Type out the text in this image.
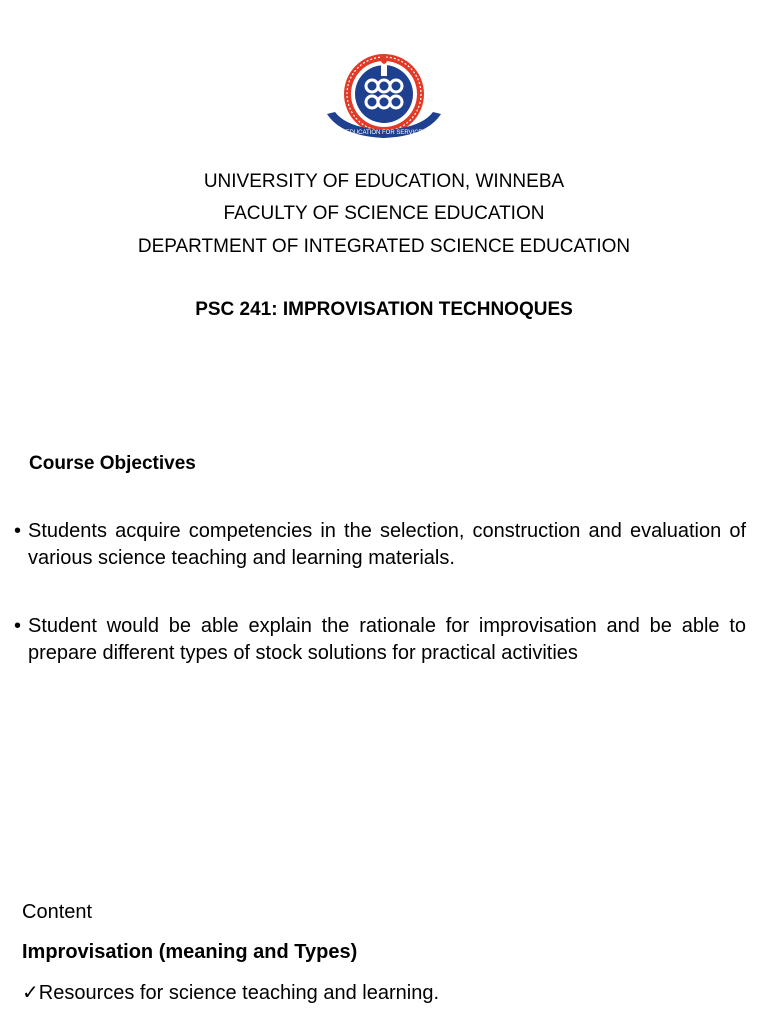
EDUCATION FOR SERVICE
UNIVERSITY OF EDUCATION, WINNEBA
FACULTY OF SCIENCE EDUCATION
DEPARTMENT OF INTEGRATED SCIENCE EDUCATION
PSC 241: IMPROVISATION TECHNOQUES
Course Objectives
• Students acquire competencies in the selection, construction and evaluation of various science teaching and learning materials.
• Student would be able explain the rationale for improvisation and be able to prepare different types of stock solutions for practical activities
Content
Improvisation (meaning and Types)
✓Resources for science teaching and learning.
